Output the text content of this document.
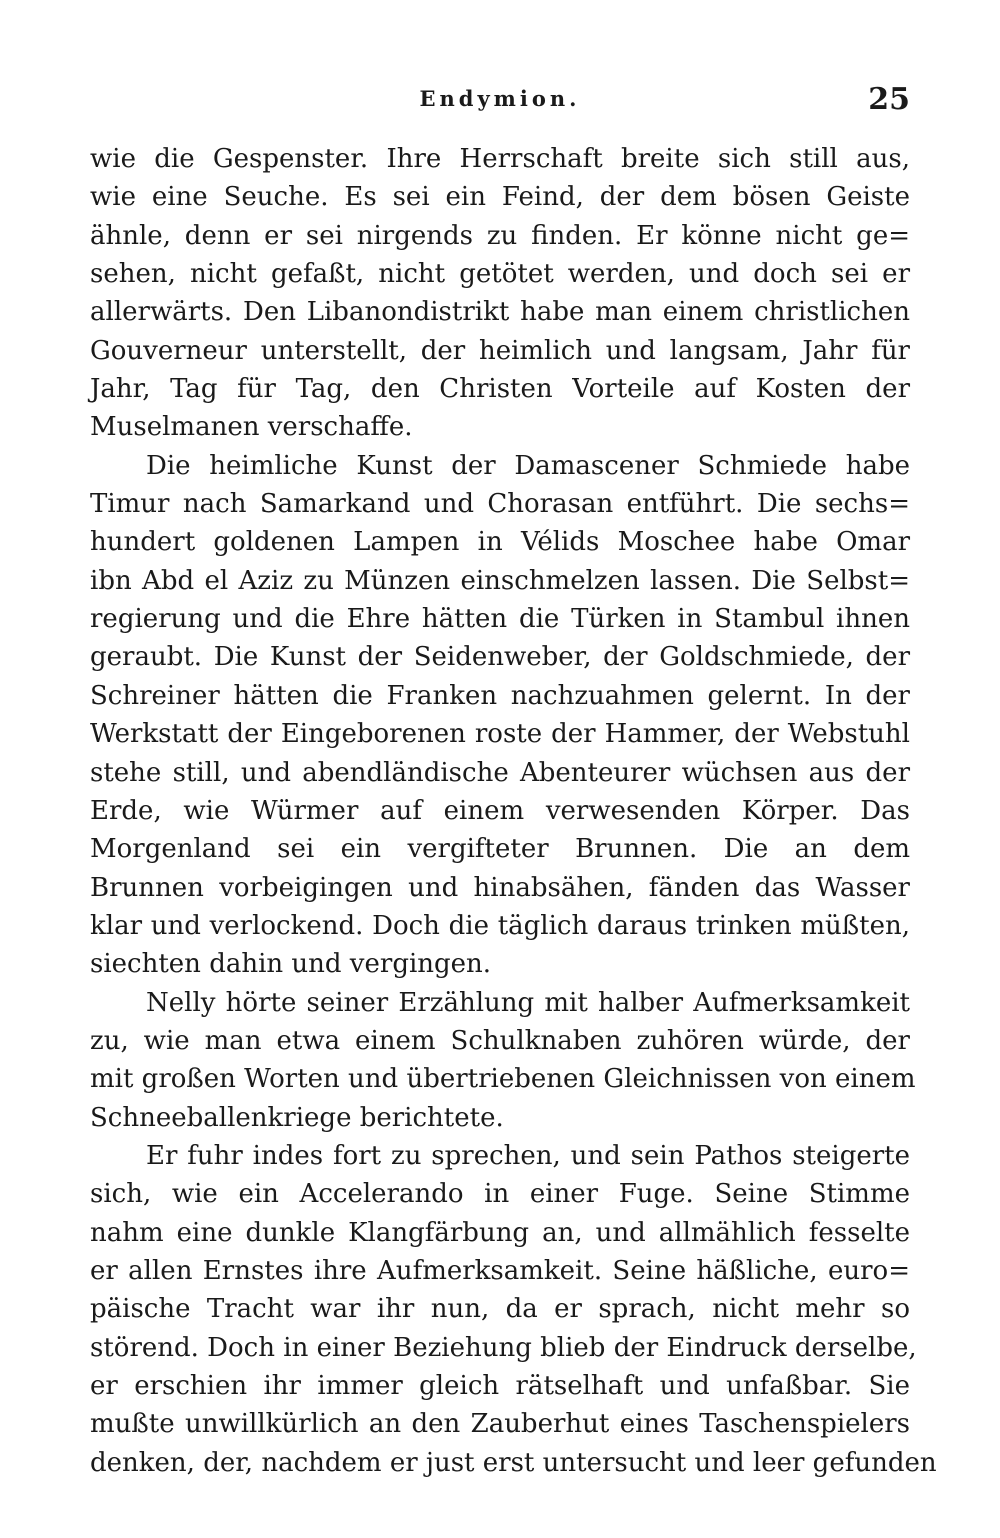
Endymion.	25
wie die Gespenster. Ihre Herrschaft breite sich still aus,
wie eine Seuche. Es sei ein Feind, der dem bösen Geiste
ähnle, denn er sei nirgends zu finden. Er könne nicht ge=
sehen, nicht gefaßt, nicht getötet werden, und doch sei er
allerwärts. Den Libanondistrikt habe man einem christlichen
Gouverneur unterstellt, der heimlich und langsam, Jahr für
Jahr, Tag für Tag, den Christen Vorteile auf Kosten der
Muselmanen verschaffe.
Die heimliche Kunst der Damascener Schmiede habe
Timur nach Samarkand und Chorasan entführt. Die sechs=
hundert goldenen Lampen in Vélids Moschee habe Omar
ibn Abd el Aziz zu Münzen einschmelzen lassen. Die Selbst=
regierung und die Ehre hätten die Türken in Stambul ihnen
geraubt. Die Kunst der Seidenweber, der Goldschmiede, der
Schreiner hätten die Franken nachzuahmen gelernt. In der
Werkstatt der Eingeborenen roste der Hammer, der Webstuhl
stehe still, und abendländische Abenteurer wüchsen aus der
Erde, wie Würmer auf einem verwesenden Körper. Das
Morgenland sei ein vergifteter Brunnen. Die an dem
Brunnen vorbeigingen und hinabsähen, fänden das Wasser
klar und verlockend. Doch die täglich daraus trinken müßten,
siechten dahin und vergingen.
Nelly hörte seiner Erzählung mit halber Aufmerksamkeit
zu, wie man etwa einem Schulknaben zuhören würde, der
mit großen Worten und übertriebenen Gleichnissen von einem
Schneeballenkriege berichtete.
Er fuhr indes fort zu sprechen, und sein Pathos steigerte
sich, wie ein Accelerando in einer Fuge. Seine Stimme
nahm eine dunkle Klangfärbung an, und allmählich fesselte
er allen Ernstes ihre Aufmerksamkeit. Seine häßliche, euro=
päische Tracht war ihr nun, da er sprach, nicht mehr so
störend. Doch in einer Beziehung blieb der Eindruck derselbe,
er erschien ihr immer gleich rätselhaft und unfaßbar. Sie
mußte unwillkürlich an den Zauberhut eines Taschenspielers
denken, der, nachdem er just erst untersucht und leer gefunden
